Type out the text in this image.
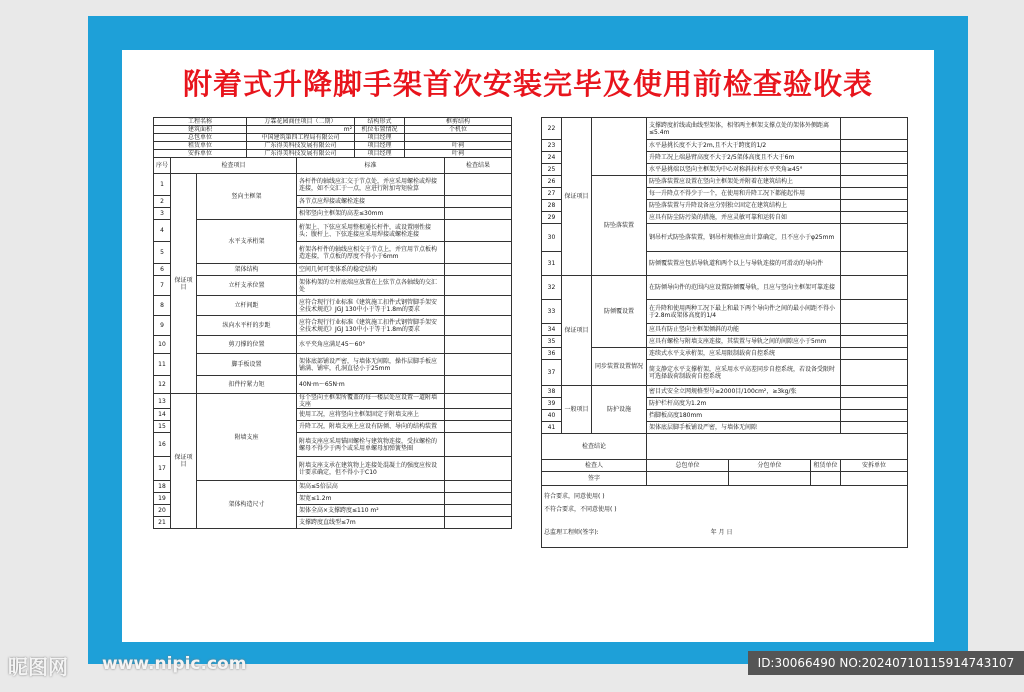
附着式升降脚手架首次安装完毕及使用前检查验收表
工程名称			万霖花园商住项目（二期）		结构形式	框剪结构	
建筑面积			m²		机位布置情况	个机位	
总包单位			中国建筑第四工程局有限公司		项目经理		
租赁单位			广东得美科技发展有限公司		项目经理	叶祠	
安拆单位			广东得美科技发展有限公司		项目经理	叶祠	
序号	检查项目			标准			检查结果
1	保证项目	竖向主框架		各杆件的轴线应汇交于节点处，并应采用螺栓或焊接连接，如不交汇于一点，应进行附加弯矩验算			
2				各节点应焊接或螺栓连接			
3				相邻竖向主框架的高差≤30mm			
4		水平支承桁架		桁架上、下弦应采用整根通长杆件，或设置刚性接头；腹杆上、下弦连接应采用焊接或螺栓连接			
5				桁架各杆件的轴线应相交于节点上，并宜用节点板构造连接，节点板的厚度不得小于6mm			
6		架体结构		空间几何可变体系的稳定结构			
7		立杆支承位置		架体构架的立杆底端应放置在上弦节点各轴线的交汇处			
8		立杆间距		应符合现行行业标准《建筑施工扣件式钢管脚手架安全技术规范》JGJ 130中小于等于1.8m的要求			
9		纵向水平杆的步距		应符合现行行业标准《建筑施工扣件式钢管脚手架安全技术规范》JGJ 130中小于等于1.8m的要求			
10		剪刀撑的位置		水平夹角应满足45～60°			
11		脚手板设置		架体底部铺设严密，与墙体无间隙，操作层脚手板应铺满、铺牢，孔洞直径小于25mm			
12		扣件拧紧力矩		40N·m～65N·m			
13	保证项目	附墙支座		每个竖向主框架所覆盖的每一楼层处应设置一道附墙支座			
14				使用工况，应将竖向主框架固定于附墙支座上			
15				升降工况，附墙支座上应设有防倾、导向的结构装置			
16				附墙支座应采用锚固螺栓与建筑物连接，受拉螺栓的螺母不得少于两个或采用单螺母加弹簧垫圈			
17				附墙支座支承在建筑物上连接处混凝土的强度应按设计要求确定，但不得小于C10			
18		架体构造尺寸		架高≤5倍层高			
19				架宽≤1.2m			
20				架体全高×支撑跨度≤110 m²			
21				支撑跨度直线型≤7m			
22	保证项目		支撑跨度折线或曲线型架体，相邻两主框架支撑点处的架体外侧距离≤5.4m			
23			水平悬挑长度不大于2m,且不大于跨度的1/2			
24			升降工况上端悬臂高度不大于2/5架体高度且不大于6m			
25			水平悬挑端以竖向主框架为中心对称斜拉杆水平夹角≥45°			
26		防坠落装置	防坠落装置应设置在竖向主框架处并附着在建筑结构上			
27			每一升降点不得少于一个，在使用和升降工况下都能起作用			
28			防坠落装置与升降设备应分别独立固定在建筑结构上			
29			应具有防尘防污染的措施，并应灵敏可靠和运转自如			
30			钢吊杆式防坠落装置，钢吊杆规格应由计算确定，且不应小于φ25mm			
31			防倾覆装置应包括导轨道和两个以上与导轨连接的可滑动的导向件			
32	保证项目	防倾覆设置	在防倾导向件的范围内应设置防倾覆导轨，且应与竖向主框架可靠连接			
33			在升降和使用两种工况下最上和最下两个导向件之间的最小间距不得小于2.8m或架体高度的1/4			
34			应具有防止竖向主框架倾斜的功能			
35			应具有螺栓与附墙支座连接，其装置与导轨之间的间隙应小于5mm			
36		同步装置设置情况	连续式水平支承桁架，应采用限制载荷自控系统			
37			简支静定水平支撑桁架，应采用水平高差同步自控系统，若设备受限时可选择载荷制载荷自控系统			
38	一般项目	防护设施	密目式安全立网规格型号≥2000目/100cm²，≥3kg/张			
39			防护栏杆高度为1.2m			
40			挡脚板高度180mm			
41			架体底层脚手板铺设严密，与墙体无间隙			
检查结论						
检查人			总包单位	分包单位	租赁单位	安拆单位
签字						

符合要求，同意使用( )
不符合要求，不同意使用( )
总监理工程师(签字): 年 月 日						
昵图网 www.nipic.com	ID:30066490 NO:20240710115914743107
